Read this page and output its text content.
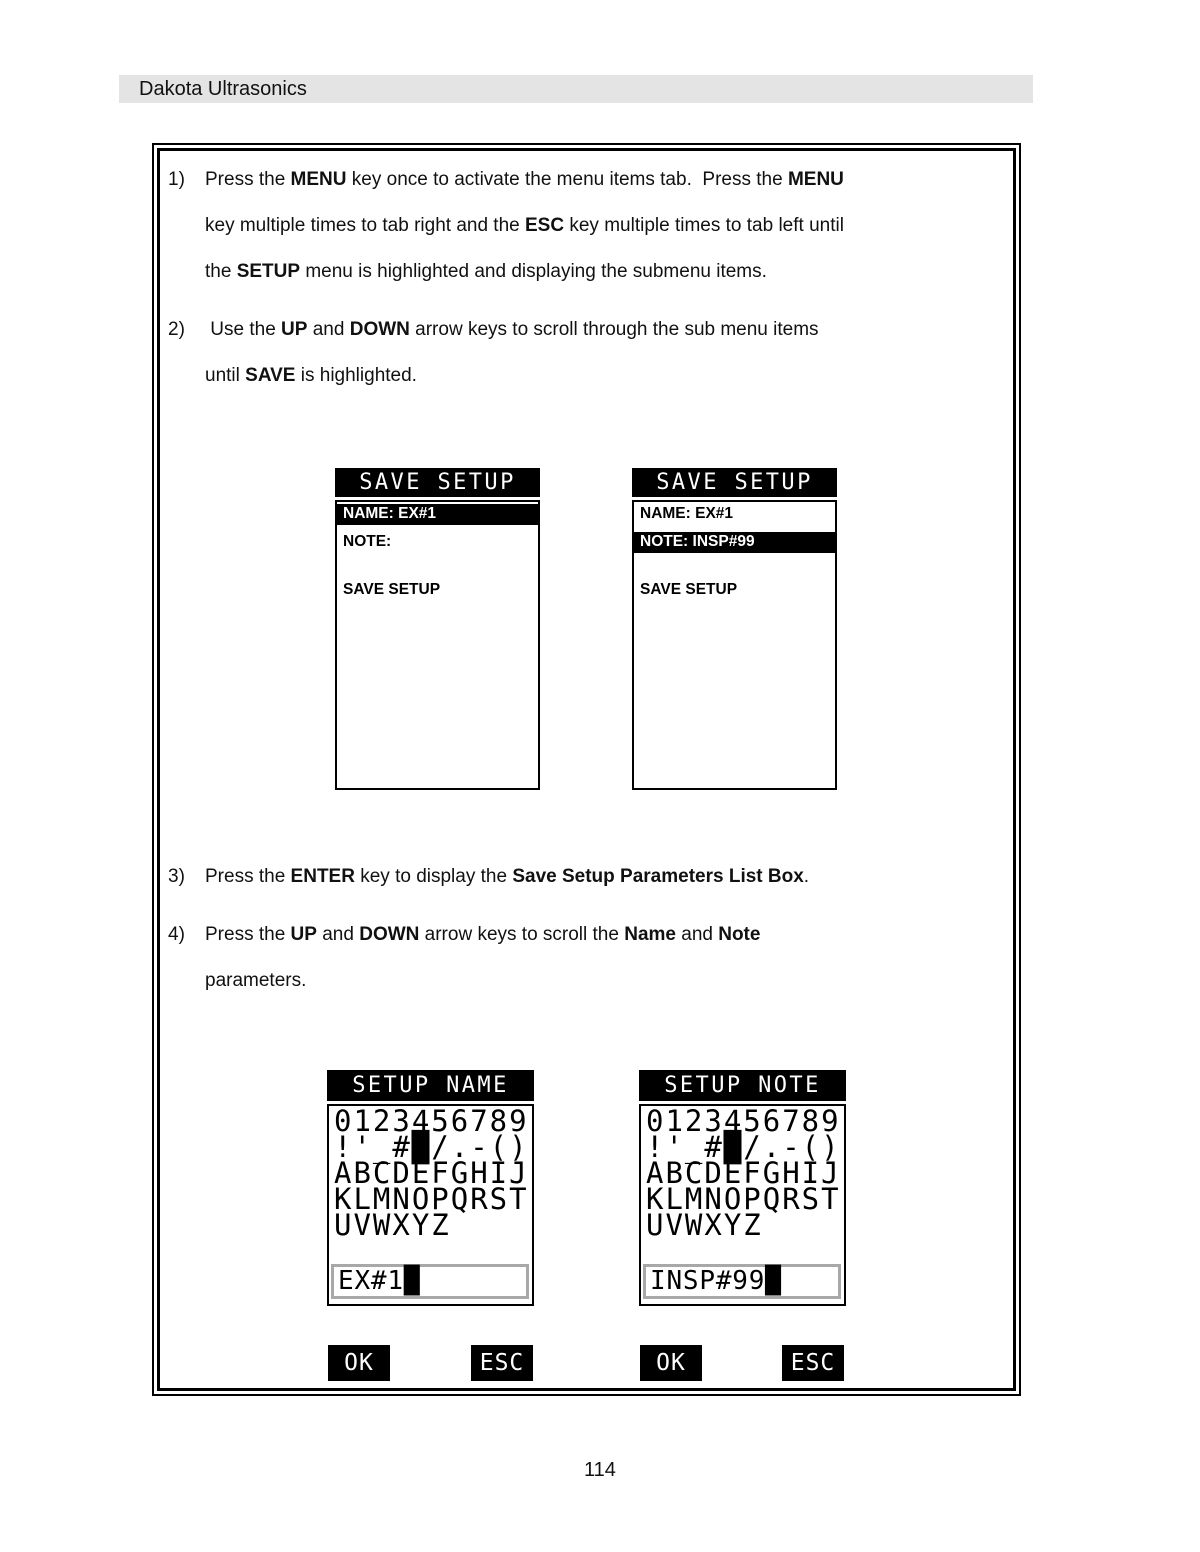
Dakota Ultrasonics
1) Press the MENU key once to activate the menu items tab.  Press the MENU
key multiple times to tab right and the ESC key multiple times to tab left until
the SETUP menu is highlighted and displaying the submenu items.
2) Use the UP and DOWN arrow keys to scroll through the sub menu items
until SAVE is highlighted.
3) Press the ENTER key to display the Save Setup Parameters List Box.
4) Press the UP and DOWN arrow keys to scroll the Name and Note
parameters.
SAVE SETUP
NAME: EX#1
NOTE:
SAVE SETUP
SAVE SETUP
NAME: EX#1
NOTE: INSP#99
SAVE SETUP
SETUP NAME
0123456789
!'_#█/.-()
ABCDEFGHIJ
KLMNOPQRST
UVWXYZ
EX#1█
SETUP NOTE
0123456789
!'_#█/.-()
ABCDEFGHIJ
KLMNOPQRST
UVWXYZ
INSP#99█
OK	ESC	OK	ESC
114
